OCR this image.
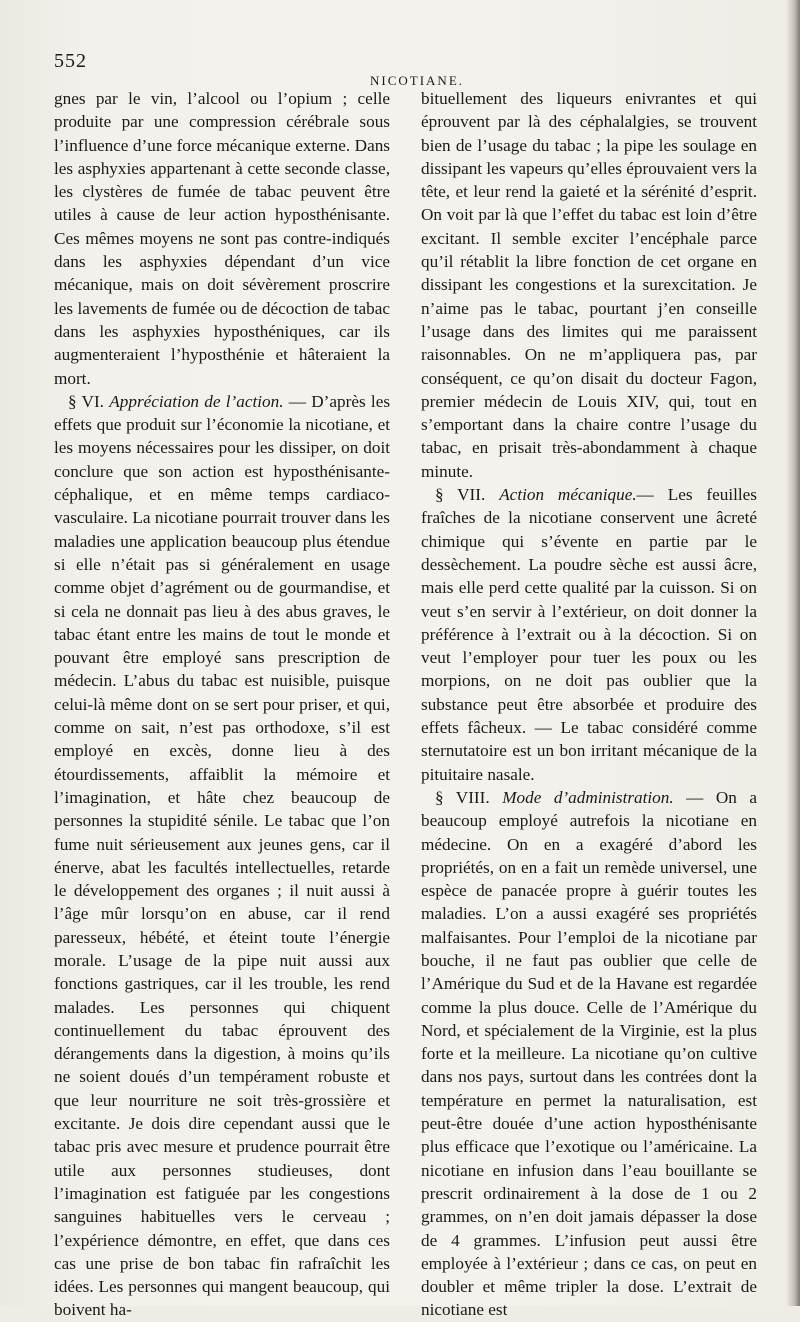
552
NICOTIANE.

gnes par le vin, l’alcool ou l’opium ; celle produite par une compression cérébrale sous l’influence d’une force mécanique externe. Dans les asphyxies appartenant à cette seconde classe, les clystères de fumée de tabac peuvent être utiles à cause de leur action hyposthénisante. Ces mêmes moyens ne sont pas contre-indiqués dans les asphyxies dépendant d’un vice mécanique, mais on doit sévèrement proscrire les lavements de fumée ou de décoction de tabac dans les asphyxies hyposthéniques, car ils augmenteraient l’hyposthénie et hâteraient la mort.

§ VI. Appréciation de l’action. — D’après les effets que produit sur l’économie la nicotiane, et les moyens nécessaires pour les dissiper, on doit conclure que son action est hyposthénisante-céphalique, et en même temps cardiaco-vasculaire. La nicotiane pourrait trouver dans les maladies une application beaucoup plus étendue si elle n’était pas si généralement en usage comme objet d’agrément ou de gourmandise, et si cela ne donnait pas lieu à des abus graves, le tabac étant entre les mains de tout le monde et pouvant être employé sans prescription de médecin. L’abus du tabac est nuisible, puisque celui-là même dont on se sert pour priser, et qui, comme on sait, n’est pas orthodoxe, s’il est employé en excès, donne lieu à des étourdissements, affaiblit la mémoire et l’imagination, et hâte chez beaucoup de personnes la stupidité sénile. Le tabac que l’on fume nuit sérieusement aux jeunes gens, car il énerve, abat les facultés intellectuelles, retarde le développement des organes ; il nuit aussi à l’âge mûr lorsqu’on en abuse, car il rend paresseux, hébété, et éteint toute l’énergie morale. L’usage de la pipe nuit aussi aux fonctions gastriques, car il les trouble, les rend malades. Les personnes qui chiquent continuellement du tabac éprouvent des dérangements dans la digestion, à moins qu’ils ne soient doués d’un tempérament robuste et que leur nourriture ne soit très-grossière et excitante. Je dois dire cependant aussi que le tabac pris avec mesure et prudence pourrait être utile aux personnes studieuses, dont l’imagination est fatiguée par les congestions sanguines habituelles vers le cerveau ; l’expérience démontre, en effet, que dans ces cas une prise de bon tabac fin rafraîchit les idées. Les personnes qui mangent beaucoup, qui boivent ha-

bituellement des liqueurs enivrantes et qui éprouvent par là des céphalalgies, se trouvent bien de l’usage du tabac ; la pipe les soulage en dissipant les vapeurs qu’elles éprouvaient vers la tête, et leur rend la gaieté et la sérénité d’esprit. On voit par là que l’effet du tabac est loin d’être excitant. Il semble exciter l’encéphale parce qu’il rétablit la libre fonction de cet organe en dissipant les congestions et la surexcitation. Je n’aime pas le tabac, pourtant j’en conseille l’usage dans des limites qui me paraissent raisonnables. On ne m’appliquera pas, par conséquent, ce qu’on disait du docteur Fagon, premier médecin de Louis XIV, qui, tout en s’emportant dans la chaire contre l’usage du tabac, en prisait très-abondamment à chaque minute.

§ VII. Action mécanique.— Les feuilles fraîches de la nicotiane conservent une âcreté chimique qui s’évente en partie par le dessèchement. La poudre sèche est aussi âcre, mais elle perd cette qualité par la cuisson. Si on veut s’en servir à l’extérieur, on doit donner la préférence à l’extrait ou à la décoction. Si on veut l’employer pour tuer les poux ou les morpions, on ne doit pas oublier que la substance peut être absorbée et produire des effets fâcheux. — Le tabac considéré comme sternutatoire est un bon irritant mécanique de la pituitaire nasale.

§ VIII. Mode d’administration. — On a beaucoup employé autrefois la nicotiane en médecine. On en a exagéré d’abord les propriétés, on en a fait un remède universel, une espèce de panacée propre à guérir toutes les maladies. L’on a aussi exagéré ses propriétés malfaisantes. Pour l’emploi de la nicotiane par bouche, il ne faut pas oublier que celle de l’Amérique du Sud et de la Havane est regardée comme la plus douce. Celle de l’Amérique du Nord, et spécialement de la Virginie, est la plus forte et la meilleure. La nicotiane qu’on cultive dans nos pays, surtout dans les contrées dont la température en permet la naturalisation, est peut-être douée d’une action hyposthénisante plus efficace que l’exotique ou l’américaine. La nicotiane en infusion dans l’eau bouillante se prescrit ordinairement à la dose de 1 ou 2 grammes, on n’en doit jamais dépasser la dose de 4 grammes. L’infusion peut aussi être employée à l’extérieur ; dans ce cas, on peut en doubler et même tripler la dose. L’extrait de nicotiane est
